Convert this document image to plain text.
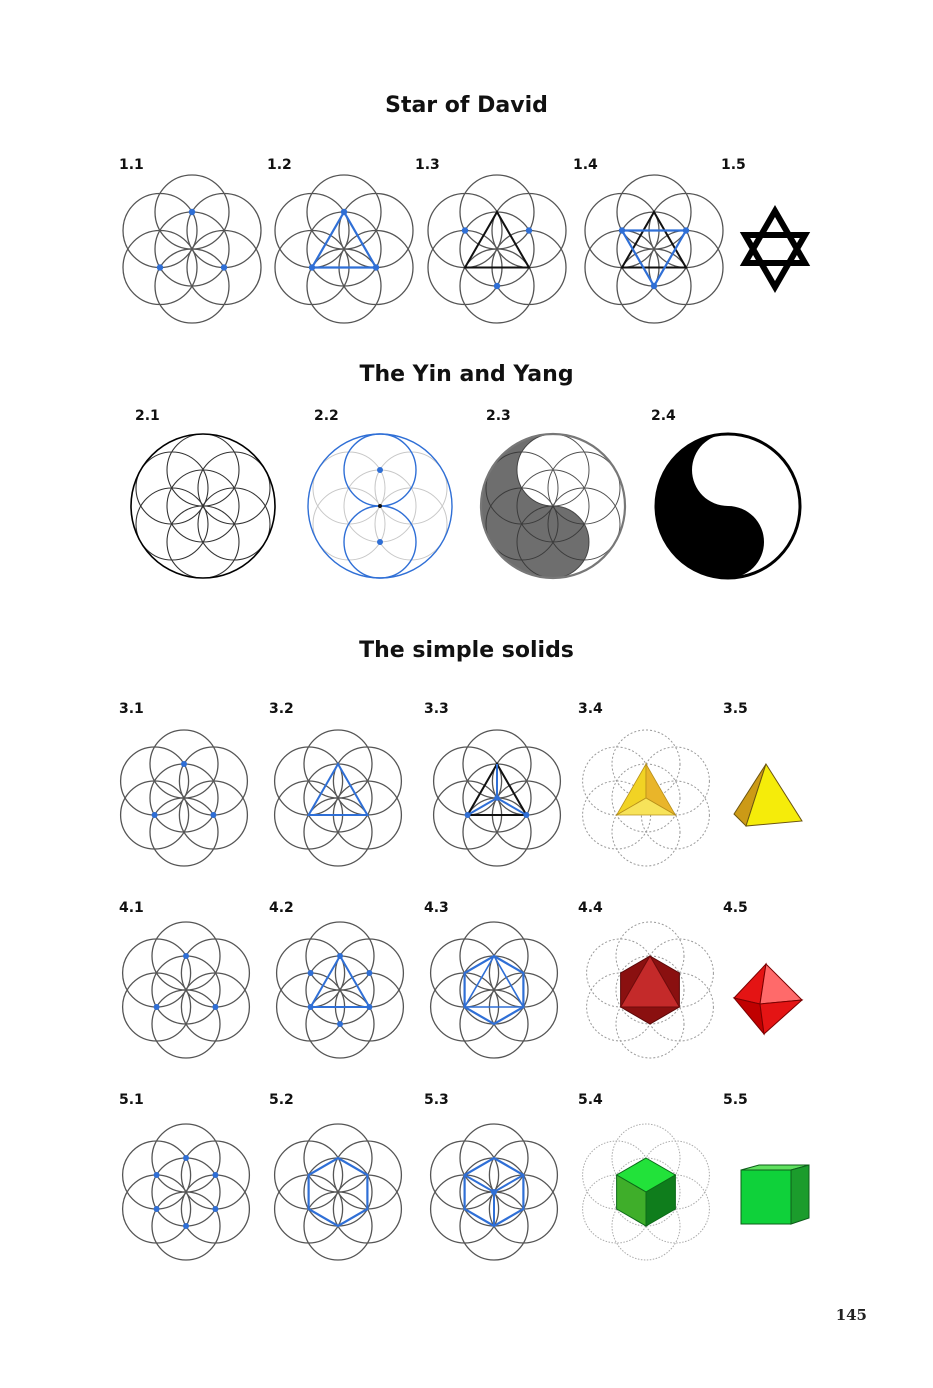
Star of David
The Yin and Yang
The simple solids
1.1	1.2	1.3	1.4	1.5
2.1	2.2	2.3	2.4
3.1	3.2	3.3	3.4	3.5
4.1	4.2	4.3	4.4	4.5
5.1	5.2	5.3	5.4	5.5
145
